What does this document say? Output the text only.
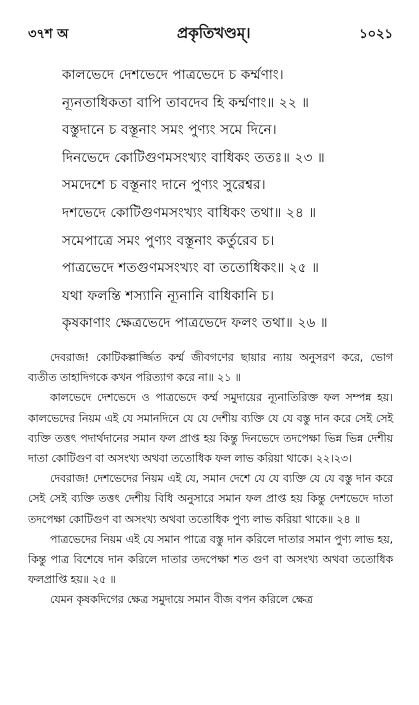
৩৭শ অ	প্রকৃতিখণ্ডম্।	১০২১
কালভেদে দেশভেদে পাত্রভেদে চ কর্ম্মণাং।
ন্যূনতাধিকতা বাপি তাবদেব হি কর্ম্মণাং॥ ২২ ॥
বস্তুদানে চ বস্তূনাং সমং পুণ্যং সমে দিনে।
দিনভেদে কোটিগুণমসংখ্যং বাধিকং ততঃ॥ ২৩ ॥
সমদেশে চ বস্তূনাং দানে পুণ্যং সুরেশ্বর।
দশভেদে কোটিগুণমসংখ্যং বাধিকং তথা॥ ২৪ ॥
সমেপাত্রে সমং পুণ্যং বস্তূনাং কর্তুরেব চ।
পাত্রভেদে শতগুণমসংখ্যং বা ততোধিকং॥ ২৫ ॥
যথা ফলন্তি শস্যানি ন্যূনানি বাধিকানি চ।
কৃষকাণাং ক্ষেত্রভেদে পাত্রভেদে ফলং তথা॥ ২৬ ॥

দেবরাজ! কোটিকল্পার্জ্জিত কর্ম্ম জীবগণের ছায়ার ন্যায় অনুসরণ করে, ভোগ ব্যতীত তাহাদিগকে কখন পরিত্যাগ করে না॥ ২১ ॥

কালভেদে দেশভেদে ও পাত্রভেদে কর্ম্ম সমুদায়ের ন্যূনাতিরিক্ত ফল সম্পন্ন হয়। কালভেদের নিয়ম এই যে সমানদিনে যে যে দেশীয় ব্যক্তি যে যে বস্তু দান করে সেই সেই ব্যক্তি তত্তৎ পদার্থদানের সমান ফল প্রাপ্ত হয় কিন্তু দিনভেদে তদপেক্ষা ভিন্ন ভিন্ন দেশীয় দাতা কোটিগুণ বা অসংখ্য অথবা ততোধিক ফল লাভ করিয়া থাকে। ২২।২৩।

দেবরাজ! দেশভেদের নিয়ম এই যে, সমান দেশে যে যে ব্যক্তি যে যে বস্তু দান করে সেই সেই ব্যক্তি তত্তৎ দেশীয় বিধি অনুসারে সমান ফল প্রাপ্ত হয় কিন্তু দেশভেদে দাতা তদপেক্ষা কোটিগুণ বা অসংখ্য অথবা ততোধিক পুণ্য লাভ করিয়া থাকে॥ ২৪ ॥

পাত্রভেদের নিয়ম এই যে সমান পাত্রে বস্তু দান করিলে দাতার সমান পুণ্য লাভ হয়, কিন্তু পাত্র বিশেষে দান করিলে দাতার তদপেক্ষা শত গুণ বা অসংখ্য অথবা ততোধিক ফলপ্রাপ্তি হয়॥ ২৫ ॥

যেমন কৃষকদিগের ক্ষেত্র সমুদায়ে সমান বীজ বপন করিলে ক্ষেত্র
